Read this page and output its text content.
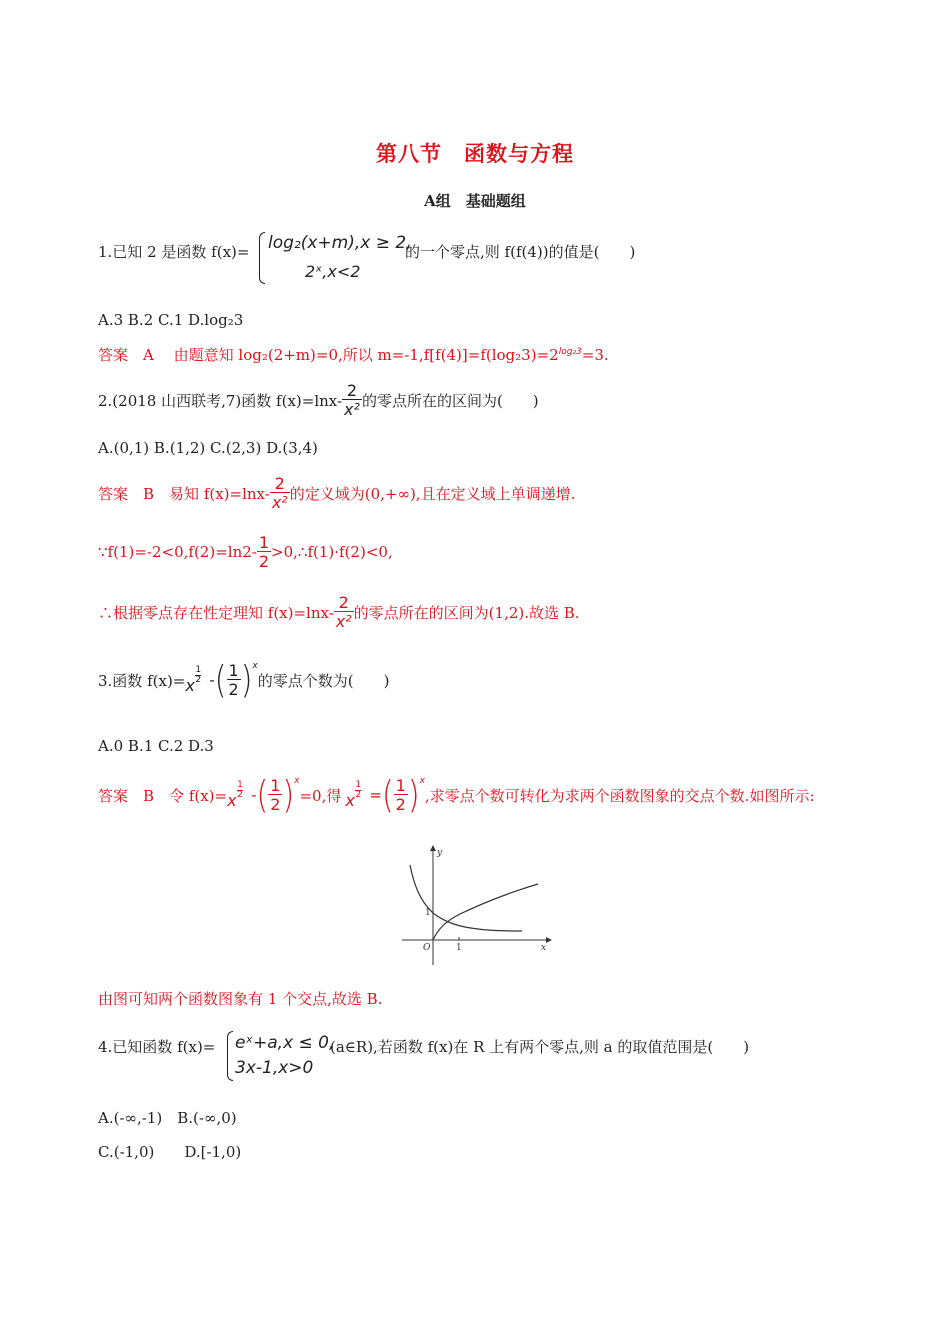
第八节　函数与方程
A组　基础题组
1.已知 2 是函数 f(x)= log₂(x+m),x ≥ 2,
2ˣ,x<2
的一个零点,则 f(f(4))的值是(　　)
A.3 B.2 C.1 D.log₂3
答案　A　 由题意知 log₂(2+m)=0,所以 $m=-1,f[f(4)]=f(\log_23)=2^{log_23}=3$.
2.(2018 山西联考,7)函数 $f(x)=\ln x- \frac{2}{\text{x²}}$ 的零点所在的区间为(　　)
A.(0,1) B.(1,2) C.(2,3) D.(3,4)
答案　B
　 易知 $f(x)=\ln x- \frac{2}{\text{x²}}$ 的定义域为(0,+∞),且在定义域上单调递增.
∵f(1)=-2<0,f(2)=ln2- $\frac{1}{2}$ >0,∴f(1)·f(2)<0,
∴根据零点存在性定理知 $f(x)=\ln x- \frac{2}{\text{x²}}$ 的零点所在的区间为(1,2).故选 B.
3.函数 f(x)= x
1
2 - ( $\frac{1}{2} )^x$
的零点个数为(　　)
A.0 B.1 C.2 D.3
答案　B
　 令 f(x)= x
1
2 - ( $\frac{1}{2} )^x$
=0,得 x
1
2 = ( $\frac{1}{2} )^x$
,求零点个数可转化为求两个函数图象的交点个数.如图所示:
y
x
O	1
1
由图可知两个函数图象有 1 个交点,故选 B.
4.已知函数 f(x)= eˣ+a,x ≤ 0,
3x-1,x>0
(a∈R),若函数 f(x)在 R 上有两个零点,则 a 的取值范围是(　　)
A.(-∞,-1)　B.(-∞,0)
C.(-1,0)　　D.[-1,0)
